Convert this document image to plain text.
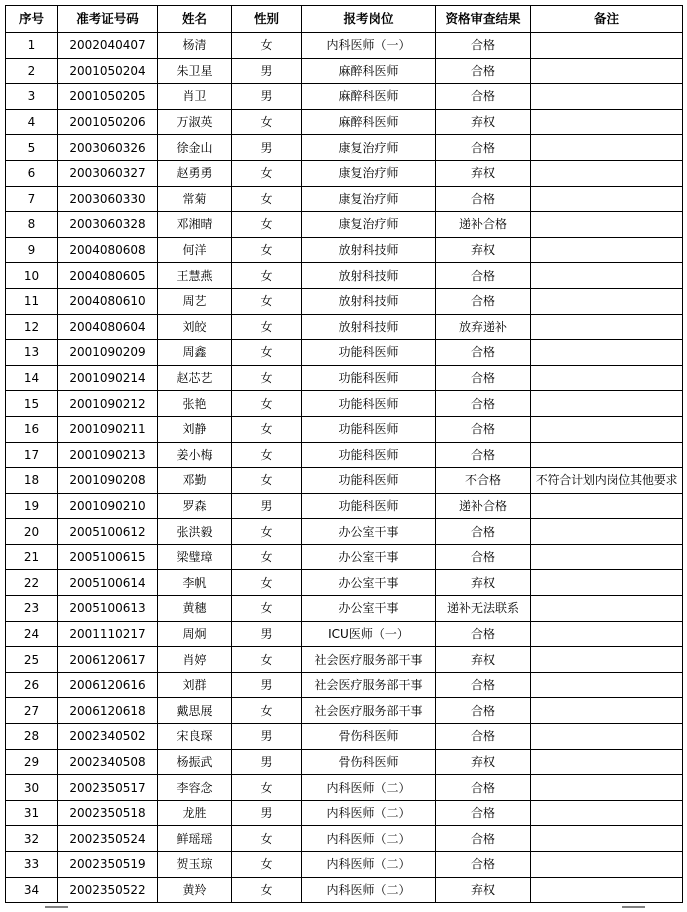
序号	准考证号码	姓名	性别	报考岗位	资格审查结果	备注
1	2002040407	杨清	女	内科医师（一）	合格	
2	2001050204	朱卫星	男	麻醉科医师	合格	
3	2001050205	肖卫	男	麻醉科医师	合格	
4	2001050206	万淑英	女	麻醉科医师	弃权	
5	2003060326	徐金山	男	康复治疗师	合格	
6	2003060327	赵勇勇	女	康复治疗师	弃权	
7	2003060330	常菊	女	康复治疗师	合格	
8	2003060328	邓湘晴	女	康复治疗师	递补合格	
9	2004080608	何洋	女	放射科技师	弃权	
10	2004080605	王慧燕	女	放射科技师	合格	
11	2004080610	周艺	女	放射科技师	合格	
12	2004080604	刘皎	女	放射科技师	放弃递补	
13	2001090209	周鑫	女	功能科医师	合格	
14	2001090214	赵芯艺	女	功能科医师	合格	
15	2001090212	张艳	女	功能科医师	合格	
16	2001090211	刘静	女	功能科医师	合格	
17	2001090213	姜小梅	女	功能科医师	合格	
18	2001090208	邓勤	女	功能科医师	不合格	不符合计划内岗位其他要求
19	2001090210	罗森	男	功能科医师	递补合格	
20	2005100612	张洪毅	女	办公室干事	合格	
21	2005100615	梁璧璋	女	办公室干事	合格	
22	2005100614	李帆	女	办公室干事	弃权	
23	2005100613	黄穗	女	办公室干事	递补无法联系	
24	2001110217	周炯	男	ICU医师（一）	合格	
25	2006120617	肖婷	女	社会医疗服务部干事	弃权	
26	2006120616	刘群	男	社会医疗服务部干事	合格	
27	2006120618	戴思展	女	社会医疗服务部干事	合格	
28	2002340502	宋良琛	男	骨伤科医师	合格	
29	2002340508	杨振武	男	骨伤科医师	弃权	
30	2002350517	李容念	女	内科医师（二）	合格	
31	2002350518	龙胜	男	内科医师（二）	合格	
32	2002350524	鲜瑶瑶	女	内科医师（二）	合格	
33	2002350519	贺玉琼	女	内科医师（二）	合格	
34	2002350522	黄羚	女	内科医师（二）	弃权	
